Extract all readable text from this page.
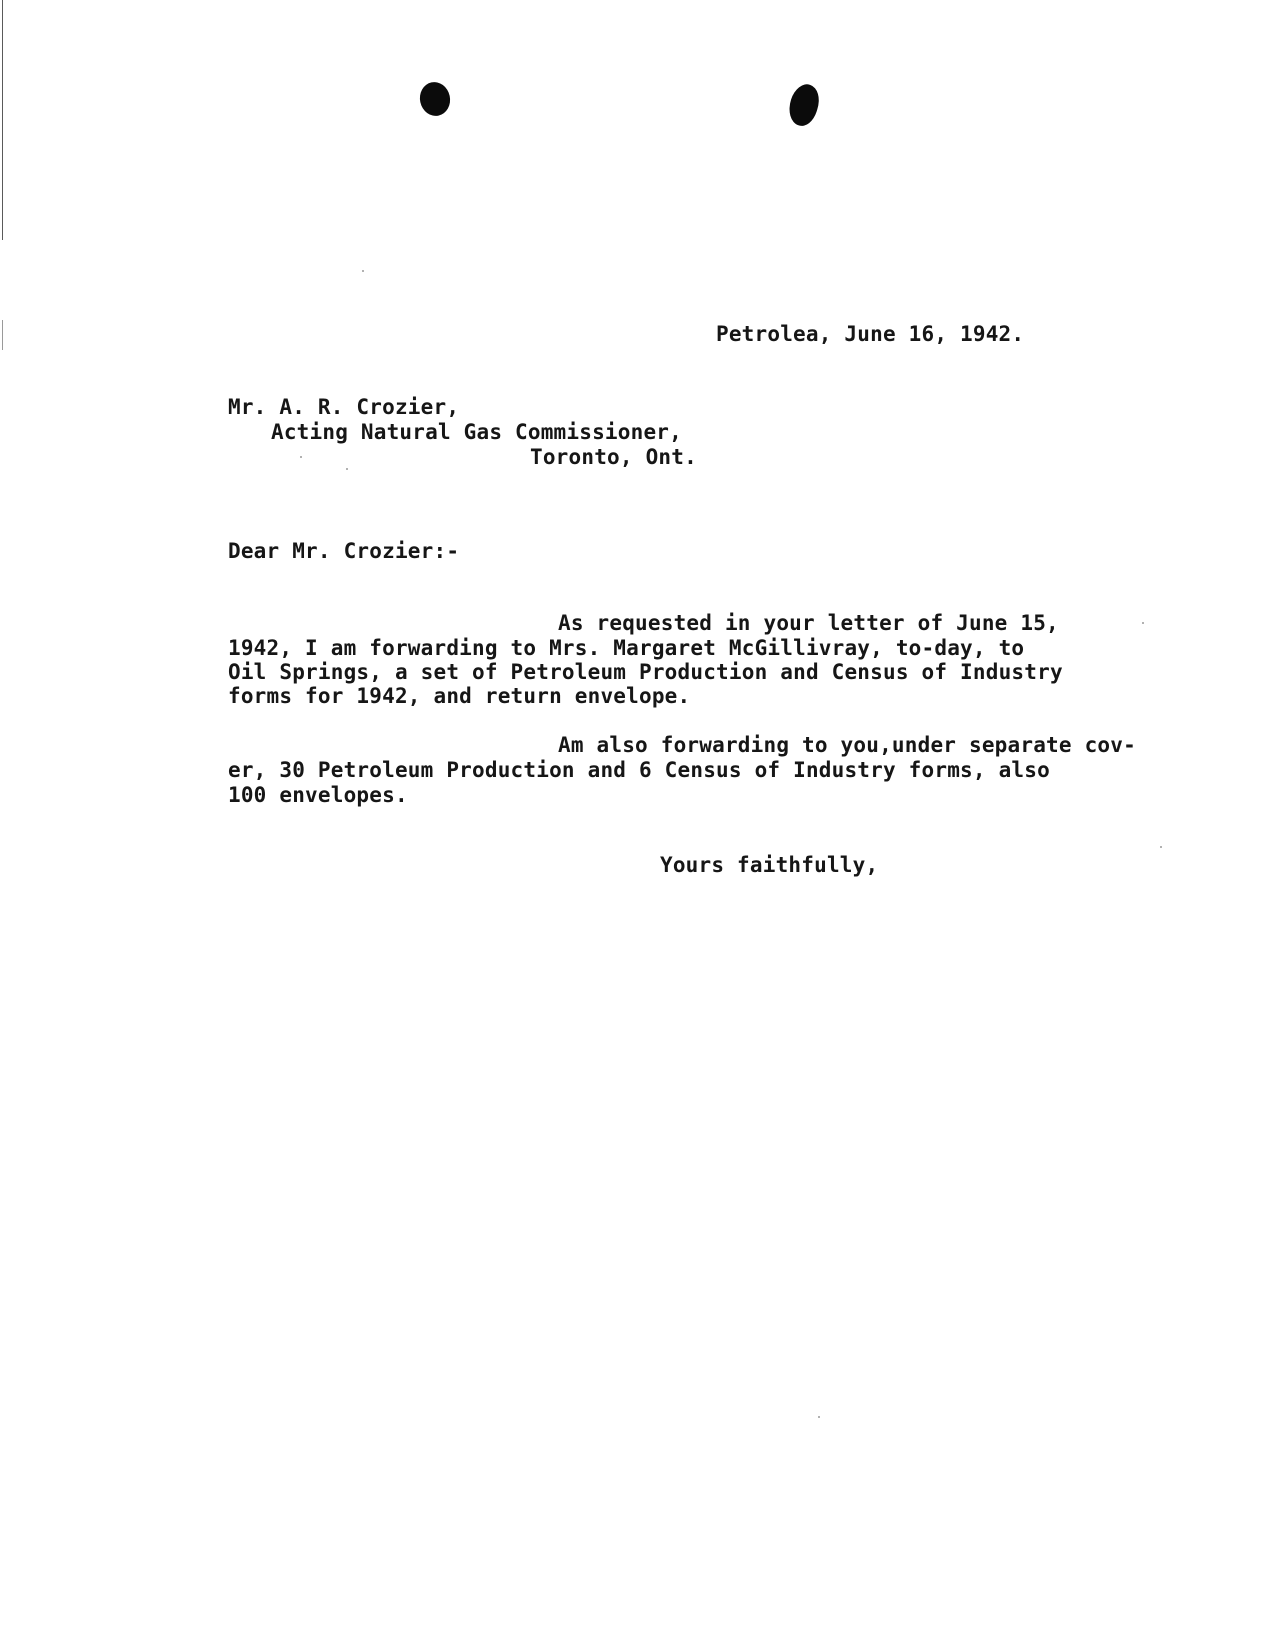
Petrolea, June 16, 1942.
Mr. A. R. Crozier,
Acting Natural Gas Commissioner,
Toronto, Ont.
Dear Mr. Crozier:-
As requested in your letter of June 15,
1942, I am forwarding to Mrs. Margaret McGillivray, to-day, to
Oil Springs, a set of Petroleum Production and Census of Industry
forms for 1942, and return envelope.
Am also forwarding to you,under separate cov-
er, 30 Petroleum Production and 6 Census of Industry forms, also
100 envelopes.
Yours faithfully,
